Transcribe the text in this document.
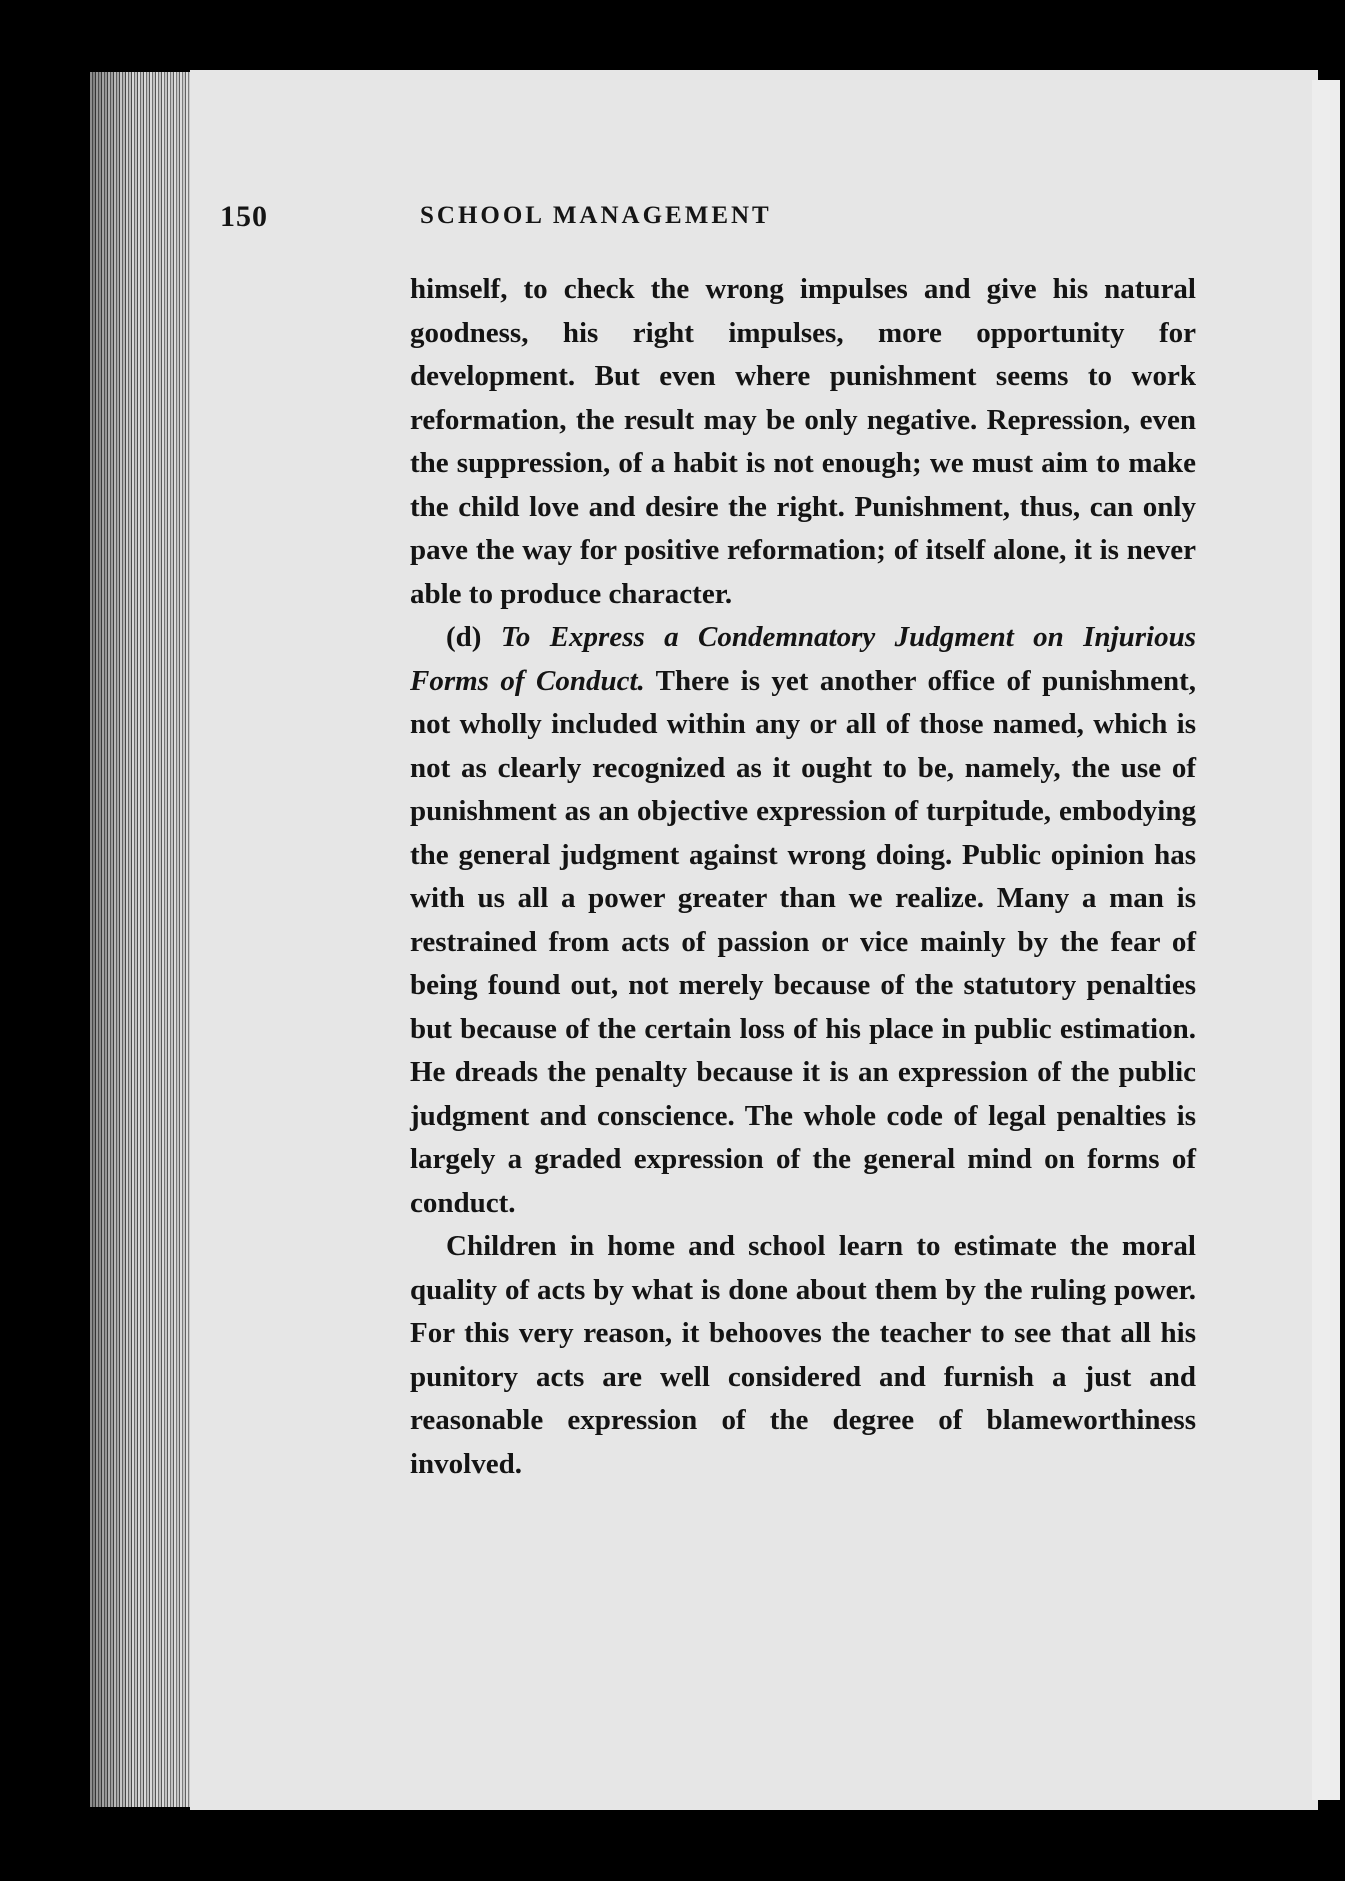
150	SCHOOL MANAGEMENT

himself, to check the wrong impulses and give his natural goodness, his right impulses, more opportunity for development. But even where punishment seems to work reformation, the result may be only negative. Repression, even the suppression, of a habit is not enough; we must aim to make the child love and desire the right. Punishment, thus, can only pave the way for positive reformation; of itself alone, it is never able to produce character.

(d) To Express a Condemnatory Judgment on Injurious Forms of Conduct. There is yet another office of punishment, not wholly included within any or all of those named, which is not as clearly recognized as it ought to be, namely, the use of punishment as an objective expression of turpitude, embodying the general judgment against wrong doing. Public opinion has with us all a power greater than we realize. Many a man is restrained from acts of passion or vice mainly by the fear of being found out, not merely because of the statutory penalties but because of the certain loss of his place in public estimation. He dreads the penalty because it is an expression of the public judgment and conscience. The whole code of legal penalties is largely a graded expression of the general mind on forms of conduct.

Children in home and school learn to estimate the moral quality of acts by what is done about them by the ruling power. For this very reason, it behooves the teacher to see that all his punitory acts are well considered and furnish a just and reasonable expression of the degree of blameworthiness involved.
